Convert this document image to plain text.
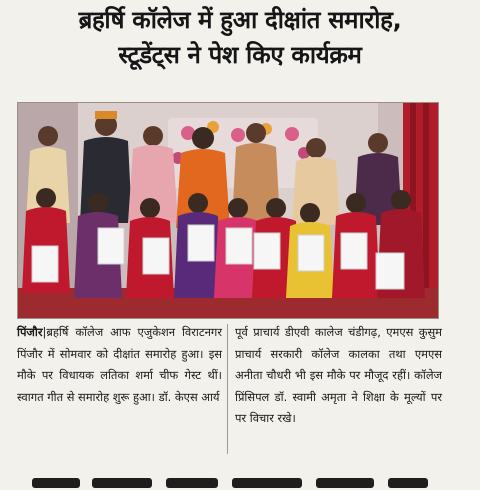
ब्रहर्षि कॉलेज में हुआ दीक्षांत समारोह,
स्टूडेंट्स ने पेश किए कार्यक्रम
पिंजौर|ब्रहर्षि कॉलेज आफ एजुकेशन विराटनगर पिंजौर में सोमवार को दीक्षांत समारोह हुआ। इस मौके पर विधायक लतिका शर्मा चीफ गेस्ट थीं। स्वागत गीत से समारोह शुरू हुआ। डॉ. केएस आर्य
पूर्व प्राचार्य डीएवी कालेज चंडीगढ़, एमएस कुसुम प्राचार्य सरकारी कॉलेज कालका तथा एमएस अनीता चौधरी भी इस मौके पर मौजूद रहीं। कॉलेज प्रिंसिपल डॉ. स्वामी अमृता ने शिक्षा के मूल्यों पर पर विचार रखे।
